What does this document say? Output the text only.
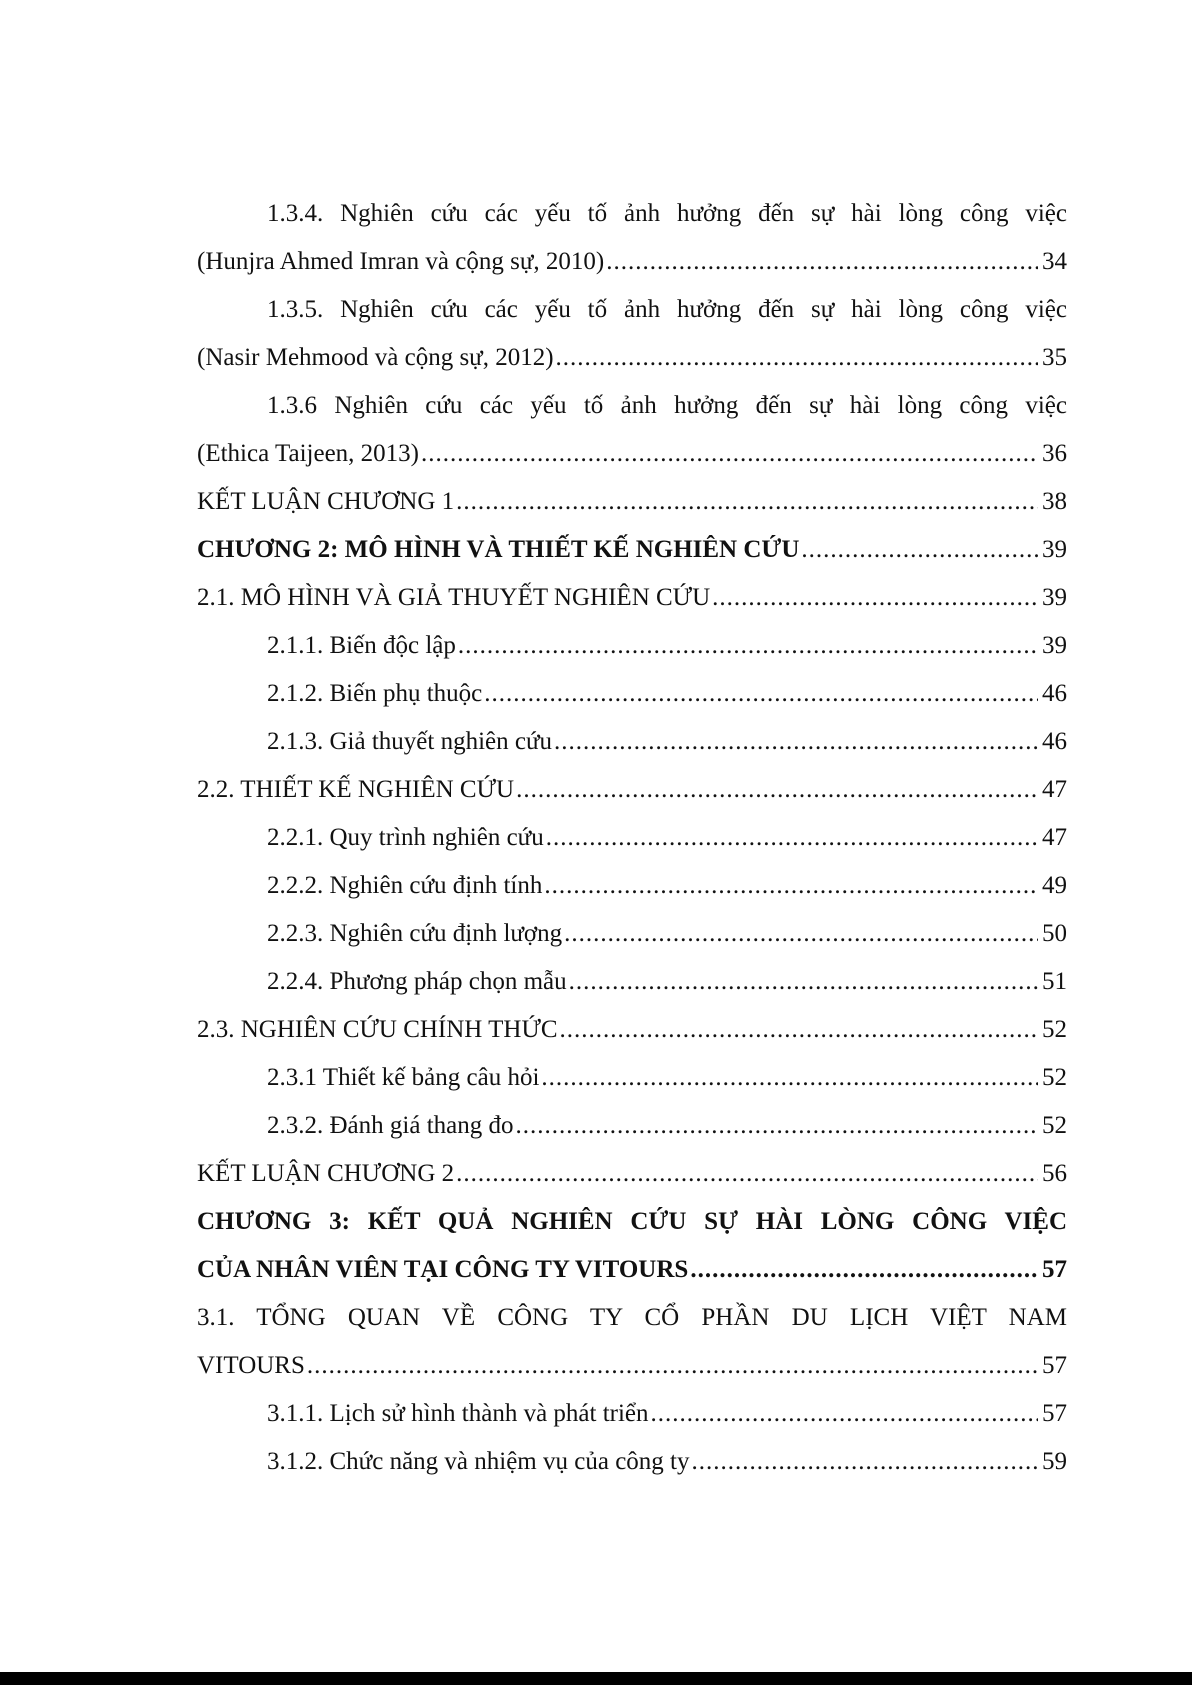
1.3.4. Nghiên cứu các yếu tố ảnh hưởng đến sự hài lòng công việc
(Hunjra Ahmed Imran và cộng sự, 2010) .....	34
1.3.5. Nghiên cứu các yếu tố ảnh hưởng đến sự hài lòng công việc
(Nasir Mehmood và cộng sự, 2012) .....	35
1.3.6 Nghiên cứu các yếu tố ảnh hưởng đến sự hài lòng công việc
(Ethica Taijeen, 2013) .....	36
KẾT LUẬN CHƯƠNG 1 .....	38
CHƯƠNG 2: MÔ HÌNH VÀ THIẾT KẾ NGHIÊN CỨU .....	39
2.1. MÔ HÌNH VÀ GIẢ THUYẾT NGHIÊN CỨU .....	39
2.1.1. Biến độc lập .....	39
2.1.2. Biến phụ thuộc .....	46
2.1.3. Giả thuyết nghiên cứu .....	46
2.2. THIẾT KẾ NGHIÊN CỨU .....	47
2.2.1. Quy trình nghiên cứu .....	47
2.2.2. Nghiên cứu định tính .....	49
2.2.3. Nghiên cứu định lượng .....	50
2.2.4. Phương pháp chọn mẫu .....	51
2.3. NGHIÊN CỨU CHÍNH THỨC .....	52
2.3.1 Thiết kế bảng câu hỏi .....	52
2.3.2. Đánh giá thang đo .....	52
KẾT LUẬN CHƯƠNG 2 .....	56
CHƯƠNG 3: KẾT QUẢ NGHIÊN CỨU SỰ HÀI LÒNG CÔNG VIỆC
CỦA NHÂN VIÊN TẠI CÔNG TY VITOURS .....	57
3.1. TỔNG QUAN VỀ CÔNG TY CỔ PHẦN DU LỊCH VIỆT NAM
VITOURS .....	57
3.1.1. Lịch sử hình thành và phát triển .....	57
3.1.2. Chức năng và nhiệm vụ của công ty .....	59
